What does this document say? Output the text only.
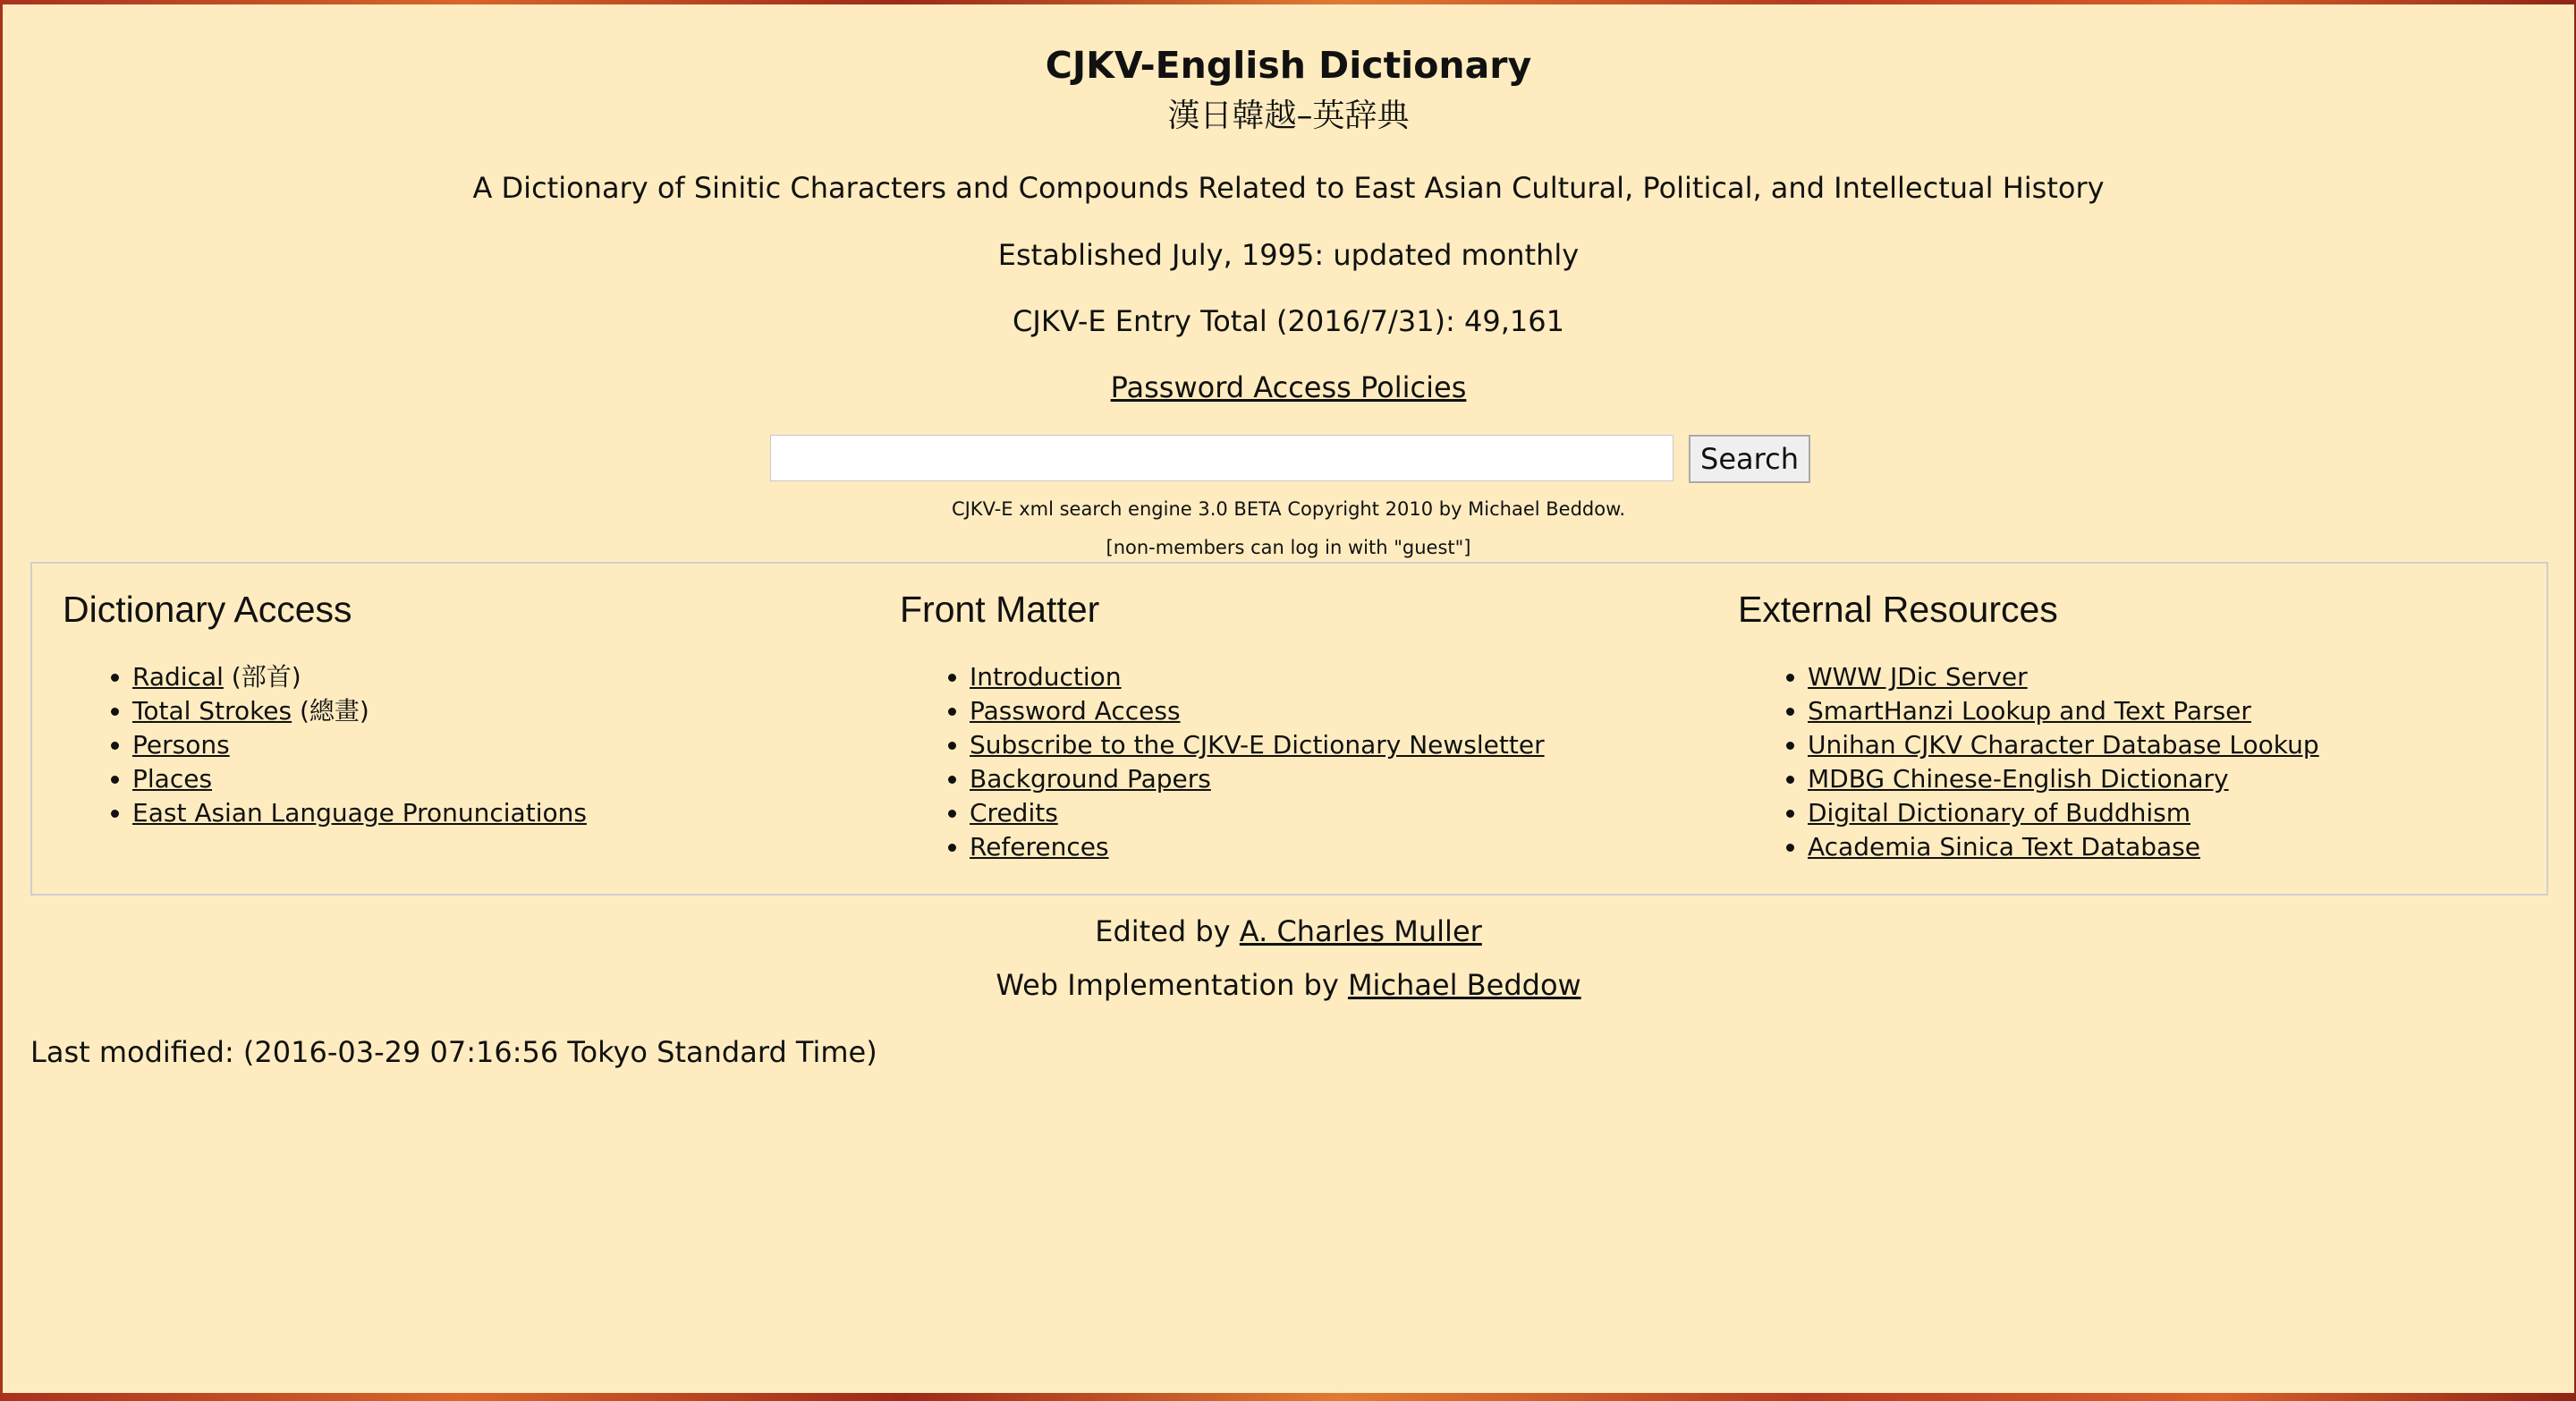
CJKV-English Dictionary
漢日韓越–英辞典
A Dictionary of Sinitic Characters and Compounds Related to East Asian Cultural, Political, and Intellectual History
Established July, 1995: updated monthly
CJKV-E Entry Total (2016/7/31): 49,161
Password Access Policies
Search
CJKV-E xml search engine 3.0 BETA Copyright 2010 by Michael Beddow.
[non-members can log in with "guest"]
Dictionary Access
• Radical (部首)
• Total Strokes (總畫)
• Persons
• Places
• East Asian Language Pronunciations
Front Matter
• Introduction
• Password Access
• Subscribe to the CJKV-E Dictionary Newsletter
• Background Papers
• Credits
• References
External Resources
• WWW JDic Server
• SmartHanzi Lookup and Text Parser
• Unihan CJKV Character Database Lookup
• MDBG Chinese-English Dictionary
• Digital Dictionary of Buddhism
• Academia Sinica Text Database
Edited by A. Charles Muller
Web Implementation by Michael Beddow
Last modified: (2016-03-29 07:16:56 Tokyo Standard Time)
